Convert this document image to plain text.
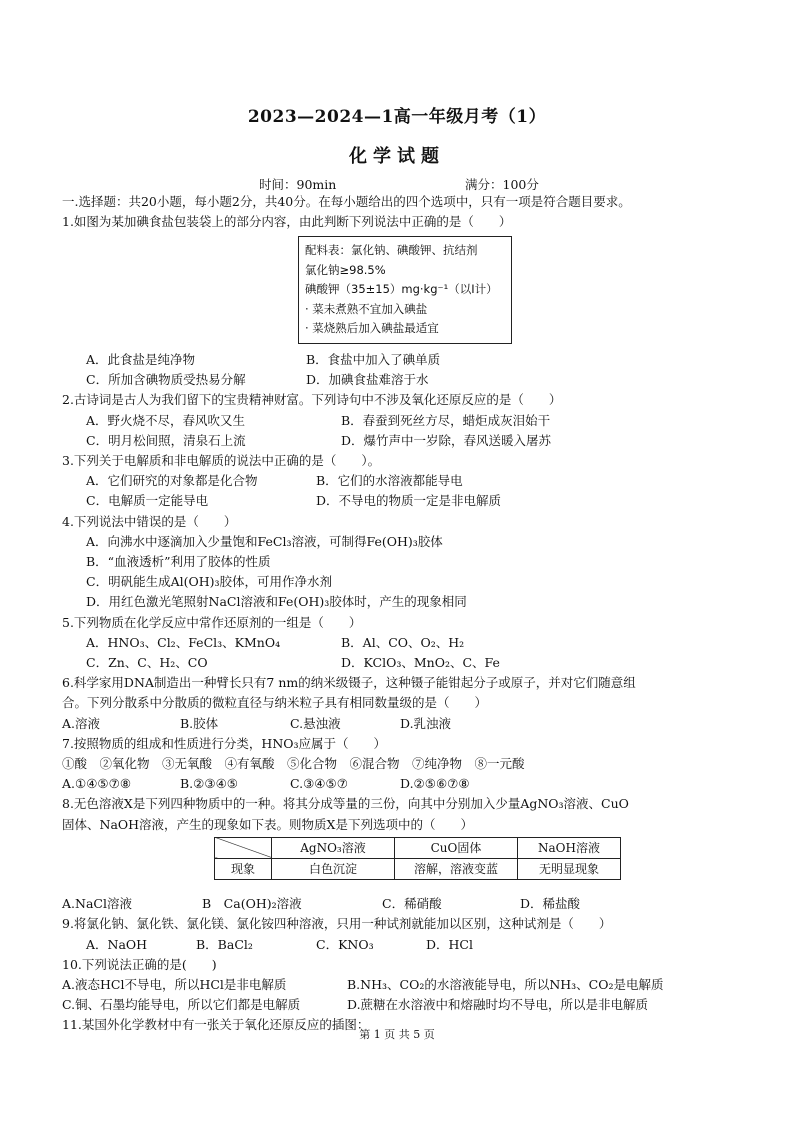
2023—2024—1高一年级月考（1）
化学试题
时间：90min	满分：100分
一.选择题：共20小题，每小题2分，共40分。在每小题给出的四个选项中，只有一项是符合题目要求。
1.如图为某加碘食盐包装袋上的部分内容，由此判断下列说法中正确的是（　　）
配料表：氯化钠、碘酸钾、抗结剂
氯化钠≥98.5%
碘酸钾（35±15）mg·kg⁻¹（以I计）
· 菜未煮熟不宜加入碘盐
· 菜烧熟后加入碘盐最适宜
A．此食盐是纯净物	B．食盐中加入了碘单质
C．所加含碘物质受热易分解	D．加碘食盐难溶于水
2.古诗词是古人为我们留下的宝贵精神财富。下列诗句中不涉及氧化还原反应的是（　　）
A．野火烧不尽，春风吹又生	B．春蚕到死丝方尽，蜡炬成灰泪始干
C．明月松间照，清泉石上流	D．爆竹声中一岁除，春风送暖入屠苏
3.下列关于电解质和非电解质的说法中正确的是（　　）。
A．它们研究的对象都是化合物	B．它们的水溶液都能导电
C．电解质一定能导电	D．不导电的物质一定是非电解质
4.下列说法中错误的是（　　）
A．向沸水中逐滴加入少量饱和FeCl₃溶液，可制得Fe(OH)₃胶体
B．“血液透析”利用了胶体的性质
C．明矾能生成Al(OH)₃胶体，可用作净水剂
D．用红色激光笔照射NaCl溶液和Fe(OH)₃胶体时，产生的现象相同
5.下列物质在化学反应中常作还原剂的一组是（　　）
A．HNO₃、Cl₂、FeCl₃、KMnO₄	B．Al、CO、O₂、H₂
C．Zn、C、H₂、CO	D．KClO₃、MnO₂、C、Fe
6.科学家用DNA制造出一种臂长只有7 nm的纳米级镊子，这种镊子能钳起分子或原子，并对它们随意组
合。下列分散系中分散质的微粒直径与纳米粒子具有相同数量级的是（　　）
A.溶液	B.胶体	C.悬浊液	D.乳浊液
7.按照物质的组成和性质进行分类，HNO₃应属于（　　）
①酸　②氧化物　③无氧酸　④有氧酸　⑤化合物　⑥混合物　⑦纯净物　⑧一元酸
A.①④⑤⑦⑧	B.②③④⑤	C.③④⑤⑦	D.②⑤⑥⑦⑧
8.无色溶液X是下列四种物质中的一种。将其分成等量的三份，向其中分别加入少量AgNO₃溶液、CuO
固体、NaOH溶液，产生的现象如下表。则物质X是下列选项中的（　　）
	AgNO₃溶液	CuO固体	NaOH溶液
现象	白色沉淀	溶解，溶液变蓝	无明显现象
A.NaCl溶液	B　Ca(OH)₂溶液	C．稀硝酸	D．稀盐酸
9.将氯化钠、氯化铁、氯化镁、氯化铵四种溶液，只用一种试剂就能加以区别，这种试剂是（　　）
A．NaOH	B．BaCl₂	C．KNO₃	D．HCl
10.下列说法正确的是(　　)
A.液态HCl不导电，所以HCl是非电解质	B.NH₃、CO₂的水溶液能导电，所以NH₃、CO₂是电解质
C.铜、石墨均能导电，所以它们都是电解质	D.蔗糖在水溶液中和熔融时均不导电，所以是非电解质
11.某国外化学教材中有一张关于氧化还原反应的插图：
第 1 页 共 5 页
